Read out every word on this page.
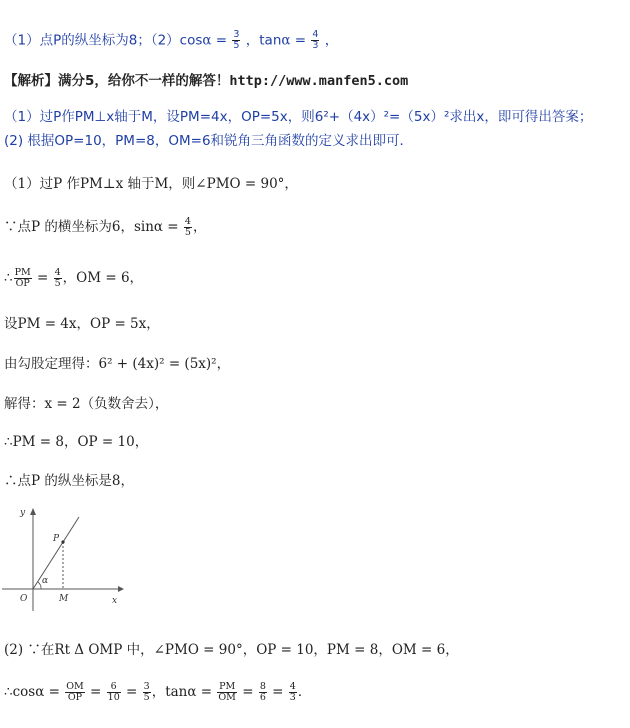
（1）点P的纵坐标为8；$(2)\cos\alpha = \frac{3}{5}$ ，$\tan\alpha = \frac{4}{3}$ ，
【解析】满分5，给你不一样的解答！http://www.manfen5.com
（1）过P作PM⊥x轴于M，设PM=4x，OP=5x，则6²+（4x）²=（5x）²求出x，即可得出答案；
(2) 根据OP=10，PM=8，OM=6和锐角三角函数的定义求出即可．
（1）过P 作PM⊥x 轴于M，则∠PMO = 90°，
∵点P 的横坐标为6，$\sin\alpha = \frac{4}{5}$ ，
∴ $\frac{PM}{OP} = \frac{4}{5}$ ，OM = 6，
设PM = 4x，OP = 5x，
由勾股定理得：6² + (4x)² = (5x)²，
解得：x = 2（负数舍去），
∴PM = 8，OP = 10，
∴点P 的纵坐标是8，
y
x
O
P
M
α
(2) ∵在Rt Δ OMP 中，∠PMO = 90°，OP = 10，PM = 8，OM = 6，
∴cosα = $\frac{OM}{OP} = \frac{6}{10} = \frac{3}{5}$ ，$\tan\alpha = \frac{PM}{OM} = \frac{8}{6} = \frac{4}{3}$ ．
